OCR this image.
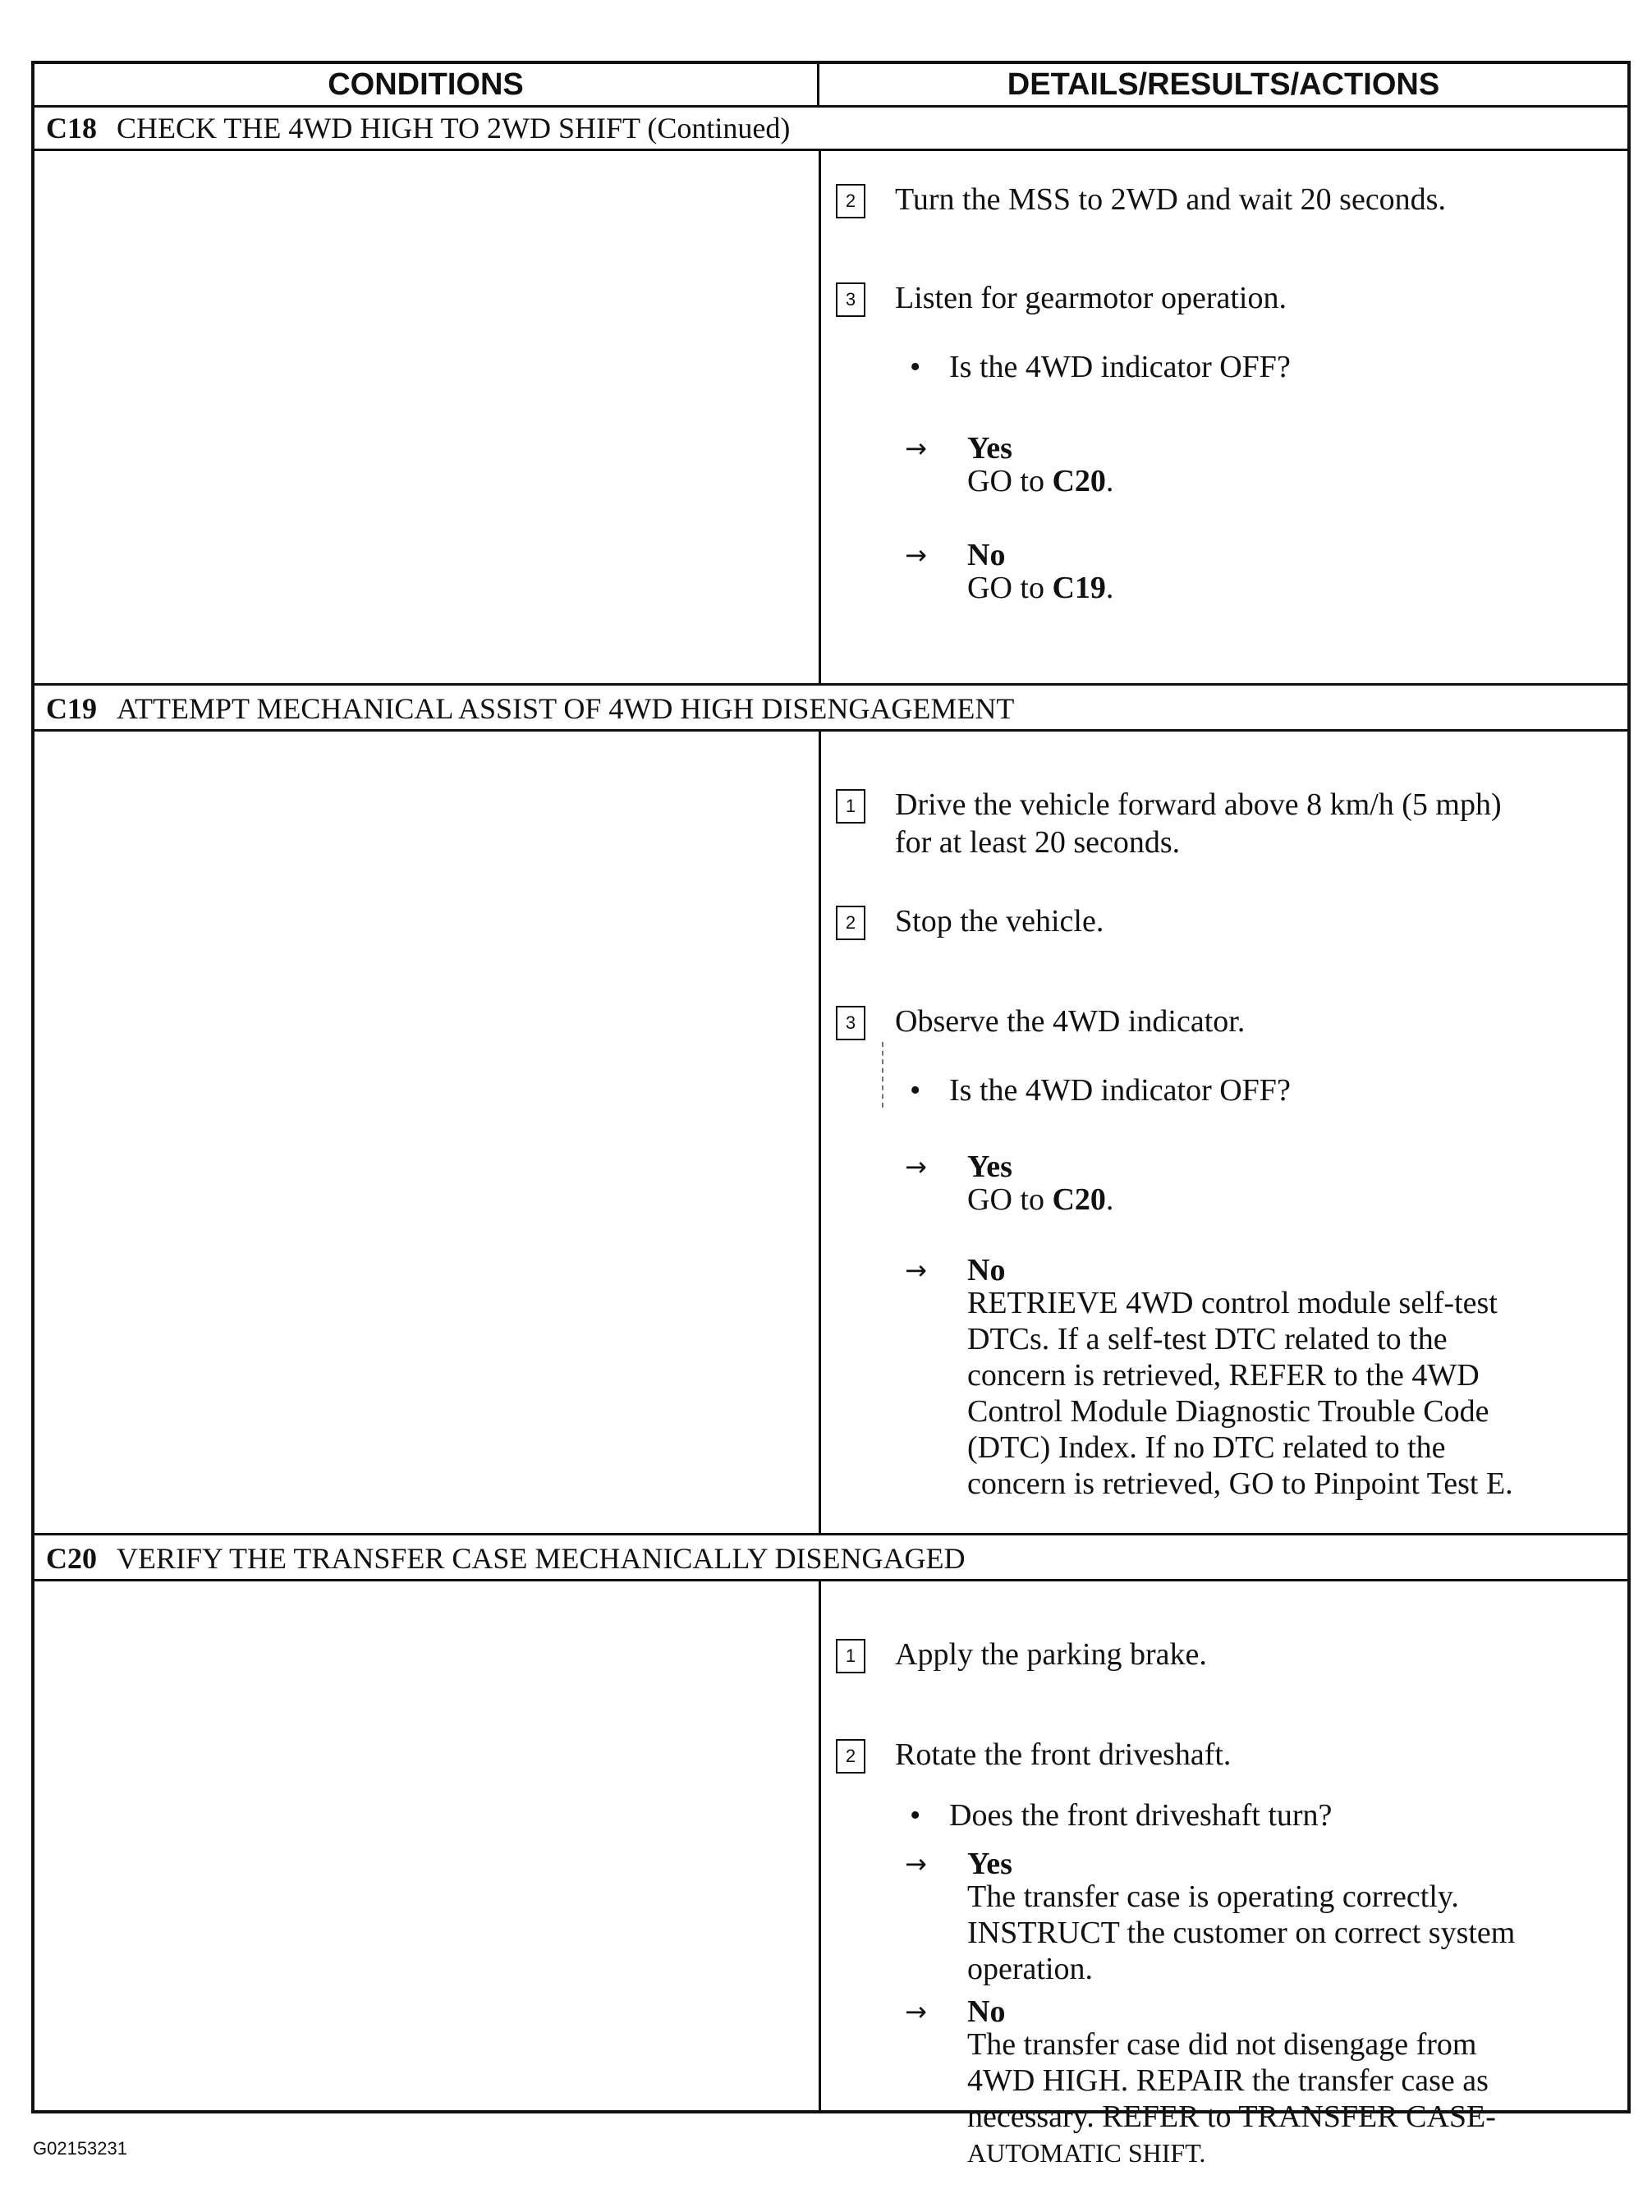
CONDITIONS	DETAILS/RESULTS/ACTIONS
C18 CHECK THE 4WD HIGH TO 2WD SHIFT (Continued)
2	Turn the MSS to 2WD and wait 20 seconds.
3	Listen for gearmotor operation.
• Is the 4WD indicator OFF?
→ Yes
GO to C20.
→ No
GO to C19.
C19 ATTEMPT MECHANICAL ASSIST OF 4WD HIGH DISENGAGEMENT
1	Drive the vehicle forward above 8 km/h (5 mph)
for at least 20 seconds.
2	Stop the vehicle.
3	Observe the 4WD indicator.
• Is the 4WD indicator OFF?
→ Yes
GO to C20.
→ No
RETRIEVE 4WD control module self-test
DTCs. If a self-test DTC related to the
concern is retrieved, REFER to the 4WD
Control Module Diagnostic Trouble Code
(DTC) Index. If no DTC related to the
concern is retrieved, GO to Pinpoint Test E.
C20 VERIFY THE TRANSFER CASE MECHANICALLY DISENGAGED
1	Apply the parking brake.
2	Rotate the front driveshaft.
• Does the front driveshaft turn?
→ Yes
The transfer case is operating correctly.
INSTRUCT the customer on correct system
operation.
→ No
The transfer case did not disengage from
4WD HIGH. REPAIR the transfer case as
necessary. REFER to TRANSFER CASE-
AUTOMATIC SHIFT.
G02153231
